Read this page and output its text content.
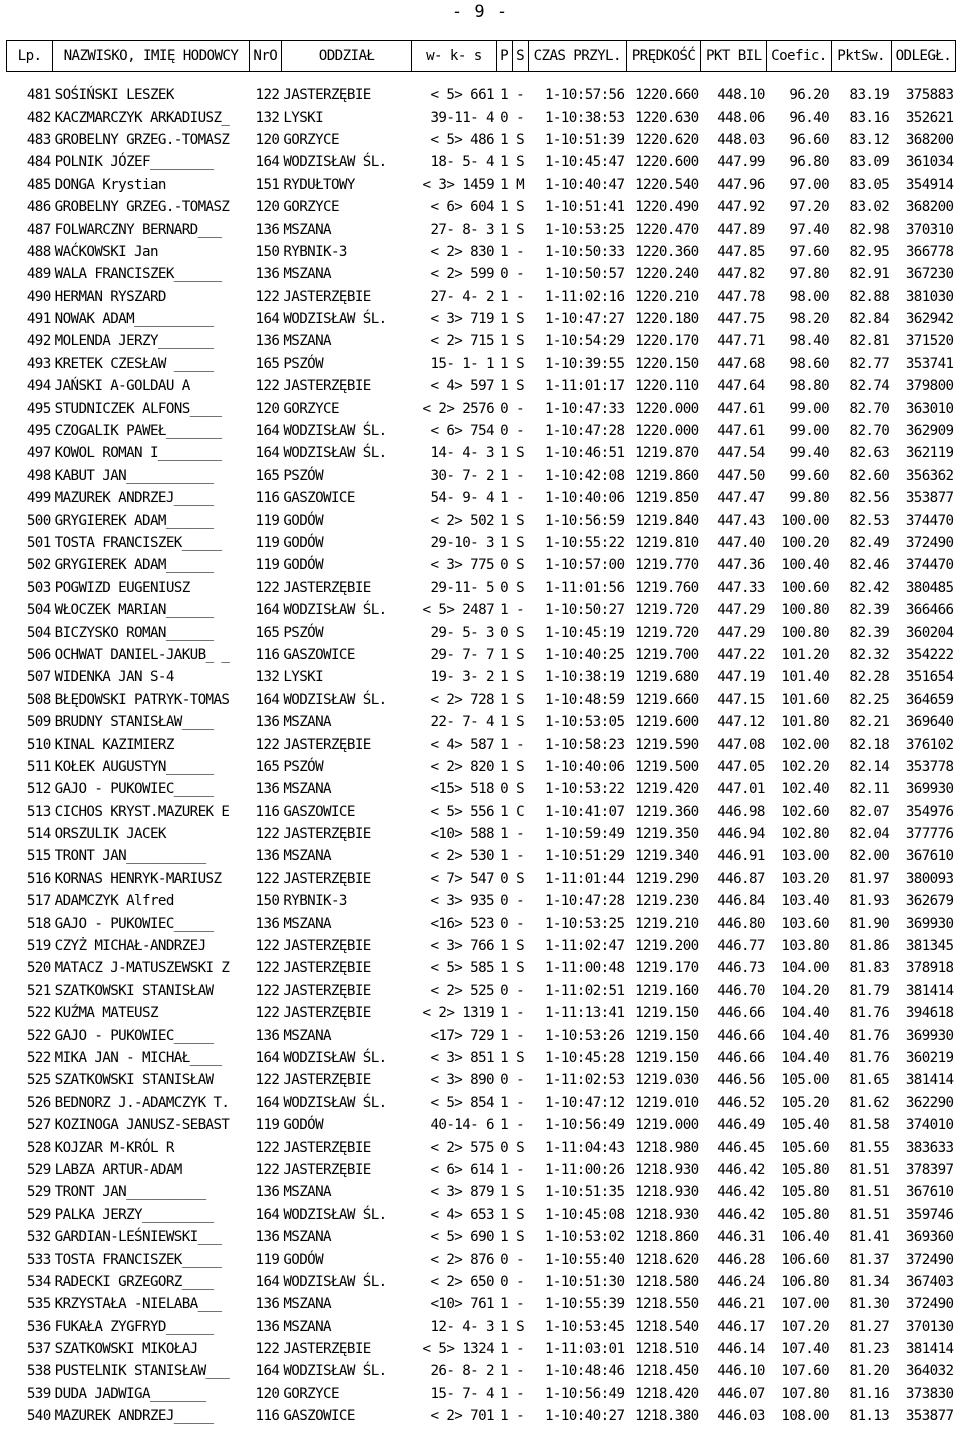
- 9 -
Lp.	NAZWISKO, IMIĘ HODOWCY	NrO	ODDZIAŁ	w- k- s	P	S	CZAS PRZYL.	PRĘDKOŚĆ	PKT BIL	Coefic.	PktSw.	ODLEGŁ.

481	SOŚIŃSKI LESZEK	122	JASTERZĘBIE	< 5> 661	1	-	1-10:57:56	1220.660	448.10	96.20	83.19	375883
482	KACZMARCZYK ARKADIUSZ_	132	LYSKI	39-11- 4	0	-	1-10:38:53	1220.630	448.06	96.40	83.16	352621
483	GROBELNY GRZEG.-TOMASZ	120	GORZYCE	< 5> 486	1	S	1-10:51:39	1220.620	448.03	96.60	83.12	368200
484	POLNIK JÓZEF________	164	WODZISŁAW ŚL.	18- 5- 4	1	S	1-10:45:47	1220.600	447.99	96.80	83.09	361034
485	DONGA Krystian	151	RYDUŁTOWY	< 3> 1459	1	M	1-10:40:47	1220.540	447.96	97.00	83.05	354914
486	GROBELNY GRZEG.-TOMASZ	120	GORZYCE	< 6> 604	1	S	1-10:51:41	1220.490	447.92	97.20	83.02	368200
487	FOLWARCZNY BERNARD___	136	MSZANA	27- 8- 3	1	S	1-10:53:25	1220.470	447.89	97.40	82.98	370310
488	WAĆKOWSKI Jan	150	RYBNIK-3	< 2> 830	1	-	1-10:50:33	1220.360	447.85	97.60	82.95	366778
489	WALA FRANCISZEK______	136	MSZANA	< 2> 599	0	-	1-10:50:57	1220.240	447.82	97.80	82.91	367230
490	HERMAN RYSZARD	122	JASTERZĘBIE	27- 4- 2	1	-	1-11:02:16	1220.210	447.78	98.00	82.88	381030
491	NOWAK ADAM__________	164	WODZISŁAW ŚL.	< 3> 719	1	S	1-10:47:27	1220.180	447.75	98.20	82.84	362942
492	MOLENDA JERZY_______	136	MSZANA	< 2> 715	1	S	1-10:54:29	1220.170	447.71	98.40	82.81	371520
493	KRETEK CZESŁAW _____	165	PSZÓW	15- 1- 1	1	S	1-10:39:55	1220.150	447.68	98.60	82.77	353741
494	JAŃSKI A-GOLDAU A	122	JASTERZĘBIE	< 4> 597	1	S	1-11:01:17	1220.110	447.64	98.80	82.74	379800
495	STUDNICZEK ALFONS____	120	GORZYCE	< 2> 2576	0	-	1-10:47:33	1220.000	447.61	99.00	82.70	363010
495	CZOGALIK PAWEŁ_______	164	WODZISŁAW ŚL.	< 6> 754	0	-	1-10:47:28	1220.000	447.61	99.00	82.70	362909
497	KOWOL ROMAN I________	164	WODZISŁAW ŚL.	14- 4- 3	1	S	1-10:46:51	1219.870	447.54	99.40	82.63	362119
498	KABUT JAN___________	165	PSZÓW	30- 7- 2	1	-	1-10:42:08	1219.860	447.50	99.60	82.60	356362
499	MAZUREK ANDRZEJ_____	116	GASZOWICE	54- 9- 4	1	-	1-10:40:06	1219.850	447.47	99.80	82.56	353877
500	GRYGIEREK ADAM______	119	GODÓW	< 2> 502	1	S	1-10:56:59	1219.840	447.43	100.00	82.53	374470
501	TOSTA FRANCISZEK_____	119	GODÓW	29-10- 3	1	S	1-10:55:22	1219.810	447.40	100.20	82.49	372490
502	GRYGIEREK ADAM______	119	GODÓW	< 3> 775	0	S	1-10:57:00	1219.770	447.36	100.40	82.46	374470
503	POGWIZD EUGENIUSZ	122	JASTERZĘBIE	29-11- 5	0	S	1-11:01:56	1219.760	447.33	100.60	82.42	380485
504	WŁOCZEK MARIAN______	164	WODZISŁAW ŚL.	< 5> 2487	1	-	1-10:50:27	1219.720	447.29	100.80	82.39	366466
504	BICZYSKO ROMAN______	165	PSZÓW	29- 5- 3	0	S	1-10:45:19	1219.720	447.29	100.80	82.39	360204
506	OCHWAT DANIEL-JAKUB_ _	116	GASZOWICE	29- 7- 7	1	S	1-10:40:25	1219.700	447.22	101.20	82.32	354222
507	WIDENKA JAN S-4	132	LYSKI	19- 3- 2	1	S	1-10:38:19	1219.680	447.19	101.40	82.28	351654
508	BŁĘDOWSKI PATRYK-TOMAS	164	WODZISŁAW ŚL.	< 2> 728	1	S	1-10:48:59	1219.660	447.15	101.60	82.25	364659
509	BRUDNY STANISŁAW____	136	MSZANA	22- 7- 4	1	S	1-10:53:05	1219.600	447.12	101.80	82.21	369640
510	KINAL KAZIMIERZ	122	JASTERZĘBIE	< 4> 587	1	-	1-10:58:23	1219.590	447.08	102.00	82.18	376102
511	KOŁEK AUGUSTYN______	165	PSZÓW	< 2> 820	1	S	1-10:40:06	1219.500	447.05	102.20	82.14	353778
512	GAJO - PUKOWIEC_____	136	MSZANA	<15> 518	0	S	1-10:53:22	1219.420	447.01	102.40	82.11	369930
513	CICHOS KRYST.MAZUREK E	116	GASZOWICE	< 5> 556	1	C	1-10:41:07	1219.360	446.98	102.60	82.07	354976
514	ORSZULIK JACEK	122	JASTERZĘBIE	<10> 588	1	-	1-10:59:49	1219.350	446.94	102.80	82.04	377776
515	TRONT JAN__________	136	MSZANA	< 2> 530	1	-	1-10:51:29	1219.340	446.91	103.00	82.00	367610
516	KORNAS HENRYK-MARIUSZ	122	JASTERZĘBIE	< 7> 547	0	S	1-11:01:44	1219.290	446.87	103.20	81.97	380093
517	ADAMCZYK Alfred	150	RYBNIK-3	< 3> 935	0	-	1-10:47:28	1219.230	446.84	103.40	81.93	362679
518	GAJO - PUKOWIEC_____	136	MSZANA	<16> 523	0	-	1-10:53:25	1219.210	446.80	103.60	81.90	369930
519	CZYŻ MICHAŁ-ANDRZEJ	122	JASTERZĘBIE	< 3> 766	1	S	1-11:02:47	1219.200	446.77	103.80	81.86	381345
520	MATACZ J-MATUSZEWSKI Z	122	JASTERZĘBIE	< 5> 585	1	S	1-11:00:48	1219.170	446.73	104.00	81.83	378918
521	SZATKOWSKI STANISŁAW	122	JASTERZĘBIE	< 2> 525	0	-	1-11:02:51	1219.160	446.70	104.20	81.79	381414
522	KUŹMA MATEUSZ	122	JASTERZĘBIE	< 2> 1319	1	-	1-11:13:41	1219.150	446.66	104.40	81.76	394618
522	GAJO - PUKOWIEC_____	136	MSZANA	<17> 729	1	-	1-10:53:26	1219.150	446.66	104.40	81.76	369930
522	MIKA JAN - MICHAŁ____	164	WODZISŁAW ŚL.	< 3> 851	1	S	1-10:45:28	1219.150	446.66	104.40	81.76	360219
525	SZATKOWSKI STANISŁAW	122	JASTERZĘBIE	< 3> 890	0	-	1-11:02:53	1219.030	446.56	105.00	81.65	381414
526	BEDNORZ J.-ADAMCZYK T.	164	WODZISŁAW ŚL.	< 5> 854	1	-	1-10:47:12	1219.010	446.52	105.20	81.62	362290
527	KOZINOGA JANUSZ-SEBAST	119	GODÓW	40-14- 6	1	-	1-10:56:49	1219.000	446.49	105.40	81.58	374010
528	KOJZAR M-KRÓL R	122	JASTERZĘBIE	< 2> 575	0	S	1-11:04:43	1218.980	446.45	105.60	81.55	383633
529	LABZA ARTUR-ADAM	122	JASTERZĘBIE	< 6> 614	1	-	1-11:00:26	1218.930	446.42	105.80	81.51	378397
529	TRONT JAN__________	136	MSZANA	< 3> 879	1	S	1-10:51:35	1218.930	446.42	105.80	81.51	367610
529	PALKA JERZY_________	164	WODZISŁAW ŚL.	< 4> 653	1	S	1-10:45:08	1218.930	446.42	105.80	81.51	359746
532	GARDIAN-LEŚNIEWSKI___	136	MSZANA	< 5> 690	1	S	1-10:53:02	1218.860	446.31	106.40	81.41	369360
533	TOSTA FRANCISZEK_____	119	GODÓW	< 2> 876	0	-	1-10:55:40	1218.620	446.28	106.60	81.37	372490
534	RADECKI GRZEGORZ____	164	WODZISŁAW ŚL.	< 2> 650	0	-	1-10:51:30	1218.580	446.24	106.80	81.34	367403
535	KRZYSTAŁA -NIELABA___	136	MSZANA	<10> 761	1	-	1-10:55:39	1218.550	446.21	107.00	81.30	372490
536	FUKAŁA ZYGFRYD______	136	MSZANA	12- 4- 3	1	S	1-10:53:45	1218.540	446.17	107.20	81.27	370130
537	SZATKOWSKI MIKOŁAJ	122	JASTERZĘBIE	< 5> 1324	1	-	1-11:03:01	1218.510	446.14	107.40	81.23	381414
538	PUSTELNIK STANISŁAW___	164	WODZISŁAW ŚL.	26- 8- 2	1	-	1-10:48:46	1218.450	446.10	107.60	81.20	364032
539	DUDA JADWIGA_______	120	GORZYCE	15- 7- 4	1	-	1-10:56:49	1218.420	446.07	107.80	81.16	373830
540	MAZUREK ANDRZEJ_____	116	GASZOWICE	< 2> 701	1	-	1-10:40:27	1218.380	446.03	108.00	81.13	353877
